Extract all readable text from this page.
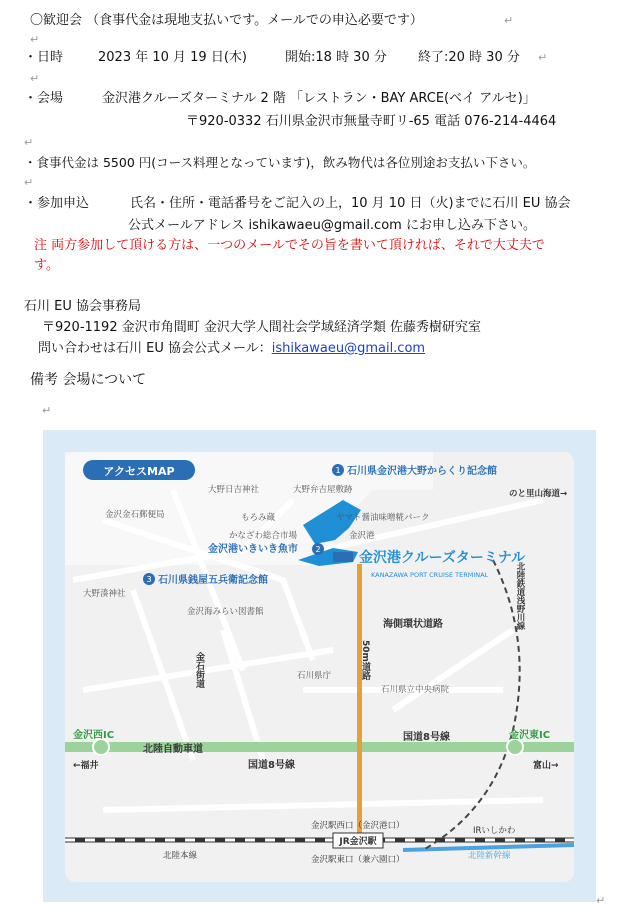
〇歓迎会 （食事代金は現地支払いです。メールでの申込必要です）	↵
↵
・日時	2023 年 10 月 19 日(木)	開始:18 時 30 分 終了:20 時 30 分 ↵
↵
・会場	金沢港クルーズターミナル 2 階 「レストラン・BAY ARCE(ベイ アルセ)」
〒920-0332 石川県金沢市無量寺町リ-65 電話 076-214-4464
↵
・食事代金は 5500 円(コース料理となっています)，飲み物代は各位別途お支払い下さい。
↵
・参加申込	氏名・住所・電話番号をご記入の上，10 月 10 日（火)までに石川 EU 協会
公式メールアドレス ishikawaeu@gmail.com にお申し込み下さい。
注 両方参加して頂ける方は、一つのメールでその旨を書いて頂ければ、それで大丈夫で
す。
石川 EU 協会事務局
〒920-1192 金沢市角間町 金沢大学人間社会学域経済学類 佐藤秀樹研究室
問い合わせは石川 EU 協会公式メール：ishikawaeu@gmail.com
備考 会場について
↵
↵
アクセスMAP	1 石川県金沢港大野からくり記念館
金沢港いきいき魚市 2
3 石川県銭屋五兵衛記念館
金沢港クルーズターミナル
KANAZAWA PORT CRUISE TERMINAL
大野日吉神社	大野弁吉屋敷跡
金沢金石郵便局	もろみ蔵	ヤマト醤油味噌糀パーク
金沢港
かなざわ総合市場
大野湊神社
金沢海みらい図書館
石川県庁
石川県立中央病院
海側環状道路
のと里山海道→
50m道路
金石街道
北陸鉄道浅野川線
金沢西IC	金沢東IC
北陸自動車道
国道8号線
国道8号線
←福井	富山→
金沢駅西口（金沢港口）
JR金沢駅
金沢駅東口（兼六園口）
IRいしかわ
北陸本線	北陸新幹線
